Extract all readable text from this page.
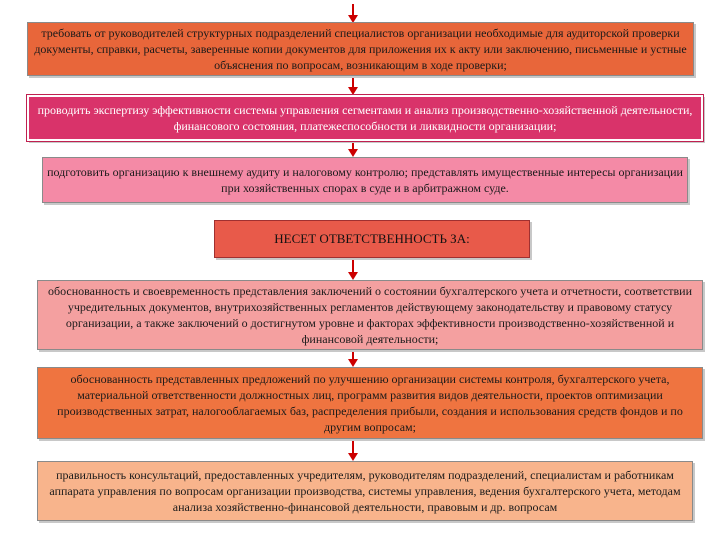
требовать от руководителей структурных подразделений специалистов организации необходимые для аудиторской проверки документы, справки, расчеты, заверенные копии документов для приложения их к акту или заключению, письменные и устные объяснения по вопросам, возникающим в ходе проверки;
проводить экспертизу эффективности системы управления сегментами и анализ производственно-хозяйственной деятельности, финансового состояния, платежеспособности и ликвидности организации;
подготовить организацию к внешнему аудиту и налоговому контролю; представлять имущественные интересы организации при хозяйственных спорах в суде и в арбитражном суде.
НЕСЕТ ОТВЕТСТВЕННОСТЬ ЗА:
обоснованность и своевременность представления заключений о состоянии бухгалтерского учета и отчетности, соответствии учредительных документов, внутрихозяйственных регламентов действующему законодательству и правовому статусу организации, а также заключений о достигнутом уровне и факторах эффективности производственно-хозяйственной и финансовой деятельности;
обоснованность представленных предложений по улучшению организации системы контроля, бухгалтерского учета, материальной ответственности должностных лиц, программ развития видов деятельности, проектов оптимизации производственных затрат, налогооблагаемых баз, распределения прибыли, создания и использования средств фондов и по другим вопросам;
правильность консультаций, предоставленных учредителям, руководителям подразделений, специалистам и работникам аппарата управления по вопросам организации производства, системы управления, ведения бухгалтерского учета, методам анализа хозяйственно-финансовой деятельности, правовым и др. вопросам
